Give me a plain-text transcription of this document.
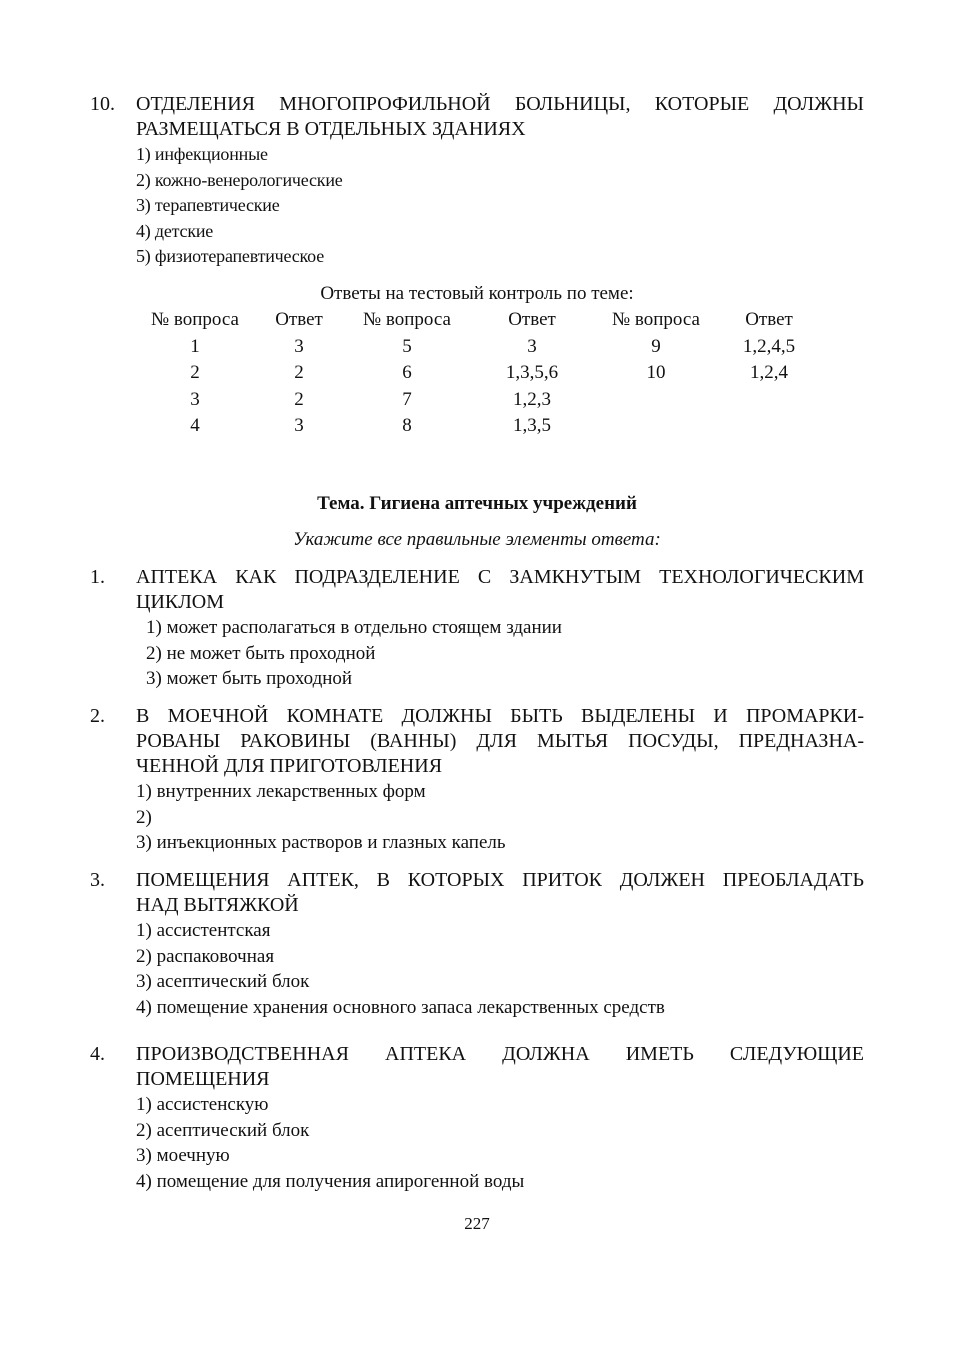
10.	ОТДЕЛЕНИЯ МНОГОПРОФИЛЬНОЙ БОЛЬНИЦЫ, КОТОРЫЕ ДОЛЖНЫ
РАЗМЕЩАТЬСЯ В ОТДЕЛЬНЫХ ЗДАНИЯХ
1) инфекционные
2) кожно-венерологические
3) терапевтические
4) детские
5) физиотерапевтическое
Ответы на тестовый контроль по теме:
№ вопроса	Ответ	№ вопроса	Ответ	№ вопроса	Ответ
1	3	5	3	9	1,2,4,5
2	2	6	1,3,5,6	10	1,2,4
3	2	7	1,2,3		
4	3	8	1,3,5		
Тема. Гигиена аптечных учреждений
Укажите все правильные элементы ответа:
1.	АПТЕКА КАК ПОДРАЗДЕЛЕНИЕ С ЗАМКНУТЫМ ТЕХНОЛОГИЧЕСКИМ
ЦИКЛОМ
1) может располагаться в отдельно стоящем здании
2) не может быть проходной
3) может быть проходной
2.	В МОЕЧНОЙ КОМНАТЕ ДОЛЖНЫ БЫТЬ ВЫДЕЛЕНЫ И ПРОМАРКИ-
РОВАНЫ РАКОВИНЫ (ВАННЫ) ДЛЯ МЫТЬЯ ПОСУДЫ, ПРЕДНАЗНА-
ЧЕННОЙ ДЛЯ ПРИГОТОВЛЕНИЯ
1) внутренних лекарственных форм
2)
3) инъекционных растворов и глазных капель
3.	ПОМЕЩЕНИЯ АПТЕК, В КОТОРЫХ ПРИТОК ДОЛЖЕН ПРЕОБЛАДАТЬ
НАД ВЫТЯЖКОЙ
1) ассистентская
2) распаковочная
3) асептический блок
4) помещение хранения основного запаса лекарственных средств
4.	ПРОИЗВОДСТВЕННАЯ АПТЕКА ДОЛЖНА ИМЕТЬ СЛЕДУЮЩИЕ
ПОМЕЩЕНИЯ
1) ассистенскую
2) асептический блок
3) моечную
4) помещение для получения апирогенной воды
227
